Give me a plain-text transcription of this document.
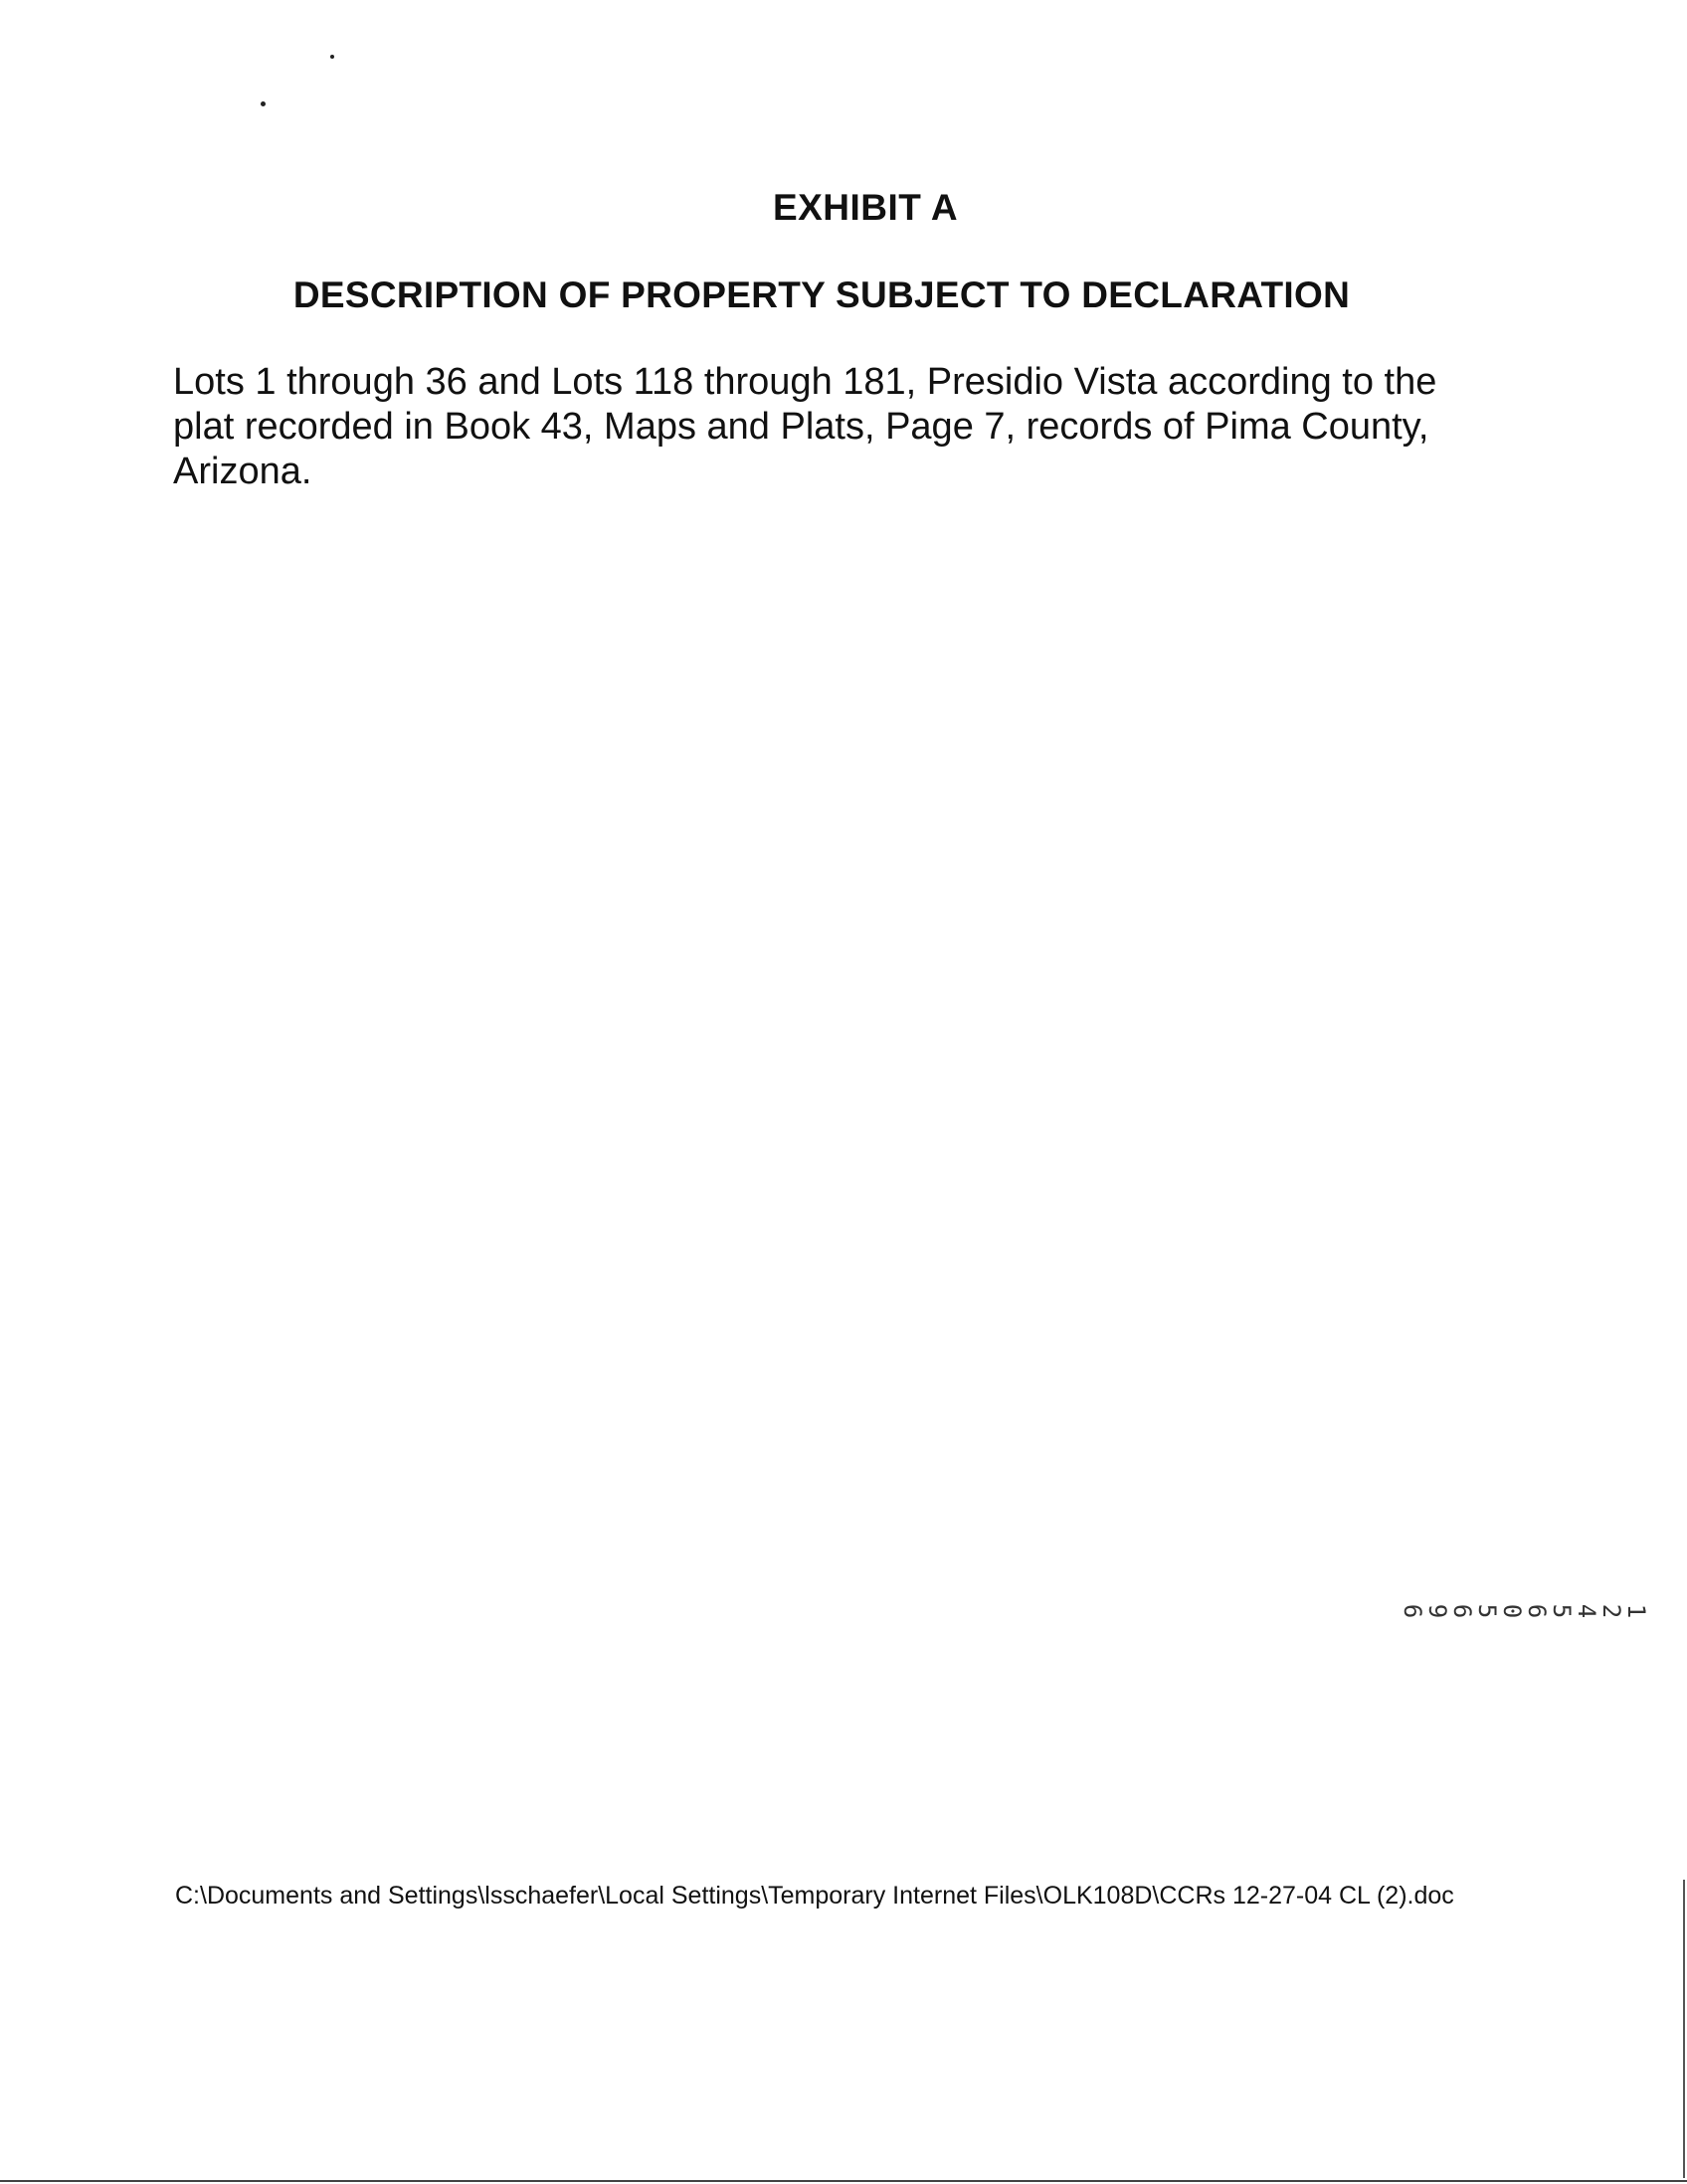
EXHIBIT A
DESCRIPTION OF PROPERTY SUBJECT TO DECLARATION
Lots 1 through 36 and Lots 118 through 181, Presidio Vista according to the plat recorded in Book 43, Maps and Plats, Page 7, records of Pima County, Arizona.
C:\Documents and Settings\lsschaefer\Local Settings\Temporary Internet Files\OLK108D\CCRs 12-27-04 CL (2).doc
12456 05696
